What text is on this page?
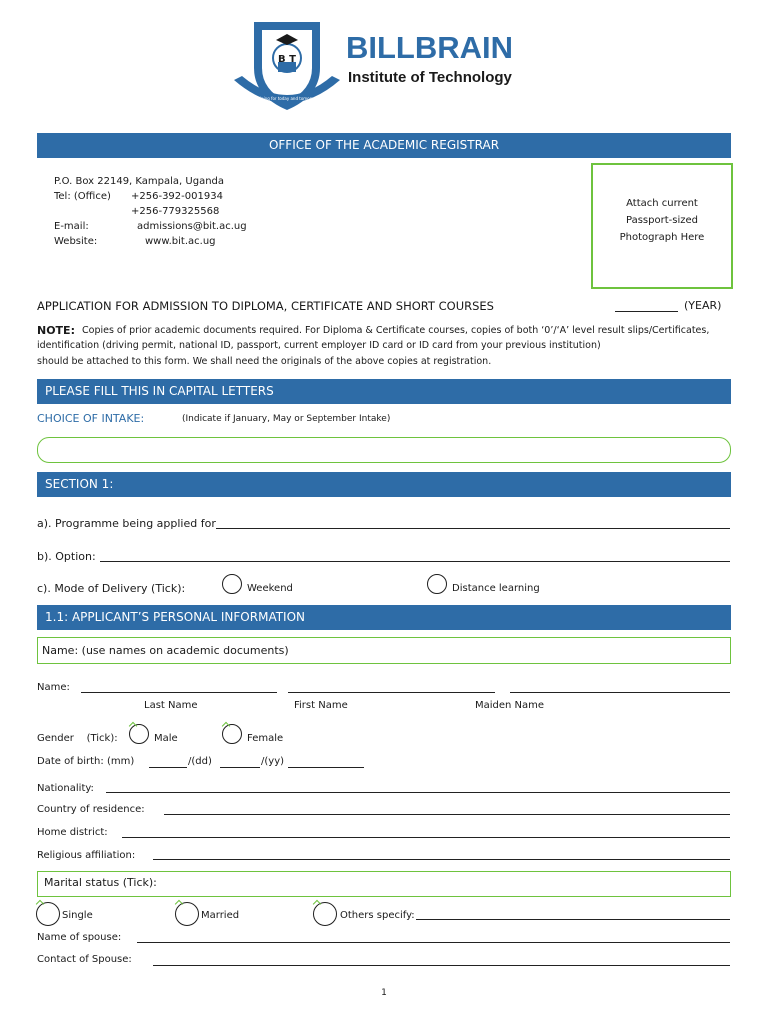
B T
Training for today and tomorrow
BILLBRAIN
Institute of Technology
OFFICE OF THE ACADEMIC REGISTRAR
P.O. Box 22149, Kampala, Uganda
Tel: (Office) +256-392-001934
+256-779325568
E-mail:	admissions@bit.ac.ug
Website:	www.bit.ac.ug
Attach current
Passport-sized
Photograph Here
APPLICATION FOR ADMISSION TO DIPLOMA, CERTIFICATE AND SHORT COURSES	(YEAR)
NOTE: Copies of prior academic documents required. For Diploma & Certificate courses, copies of both ‘0’/‘A’ level result slips/Certificates,
identification (driving permit, national ID, passport, current employer ID card or ID card from your previous institution)
should be attached to this form. We shall need the originals of the above copies at registration.
PLEASE FILL THIS IN CAPITAL LETTERS
CHOICE OF INTAKE:	(Indicate if January, May or September Intake)
SECTION 1:
a). Programme being applied for
b). Option:
c). Mode of Delivery (Tick):	Weekend	Distance learning
1.1: APPLICANT’S PERSONAL INFORMATION
Name: (use names on academic documents)
Name:
Last Name	First Name	Maiden Name
Gender    (Tick):	Male	Female
Date of birth: (mm)	/(dd)	/(yy)
Nationality:
Country of residence:
Home district:
Religious affiliation:
Marital status (Tick):
Single	Married	Others specify:
Name of spouse:
Contact of Spouse:
1
